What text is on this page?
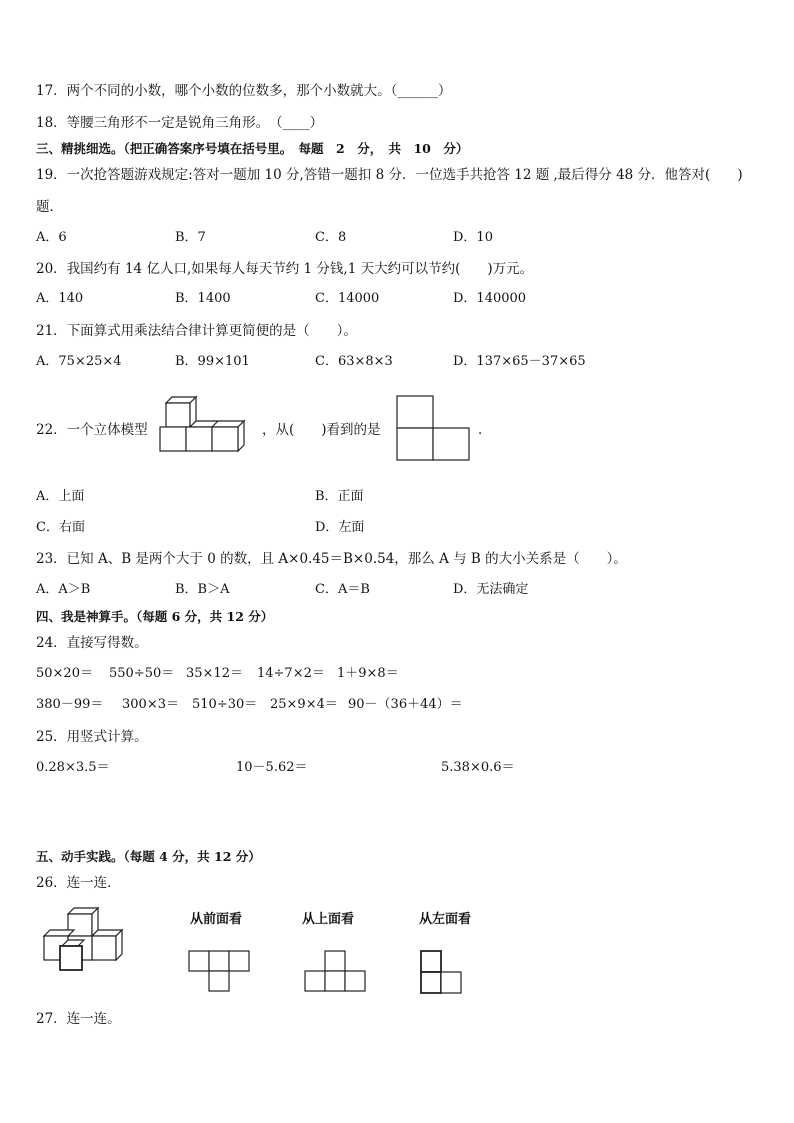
17．两个不同的小数，哪个小数的位数多，那个小数就大。（______）
18．等腰三角形不一定是锐角三角形。　（____）
三、精挑细选。（把正确答案序号填在括号里。　每题　2　分，　共　10　分）
19．一次抢答题游戏规定:答对一题加 10 分,答错一题扣 8 分．一位选手共抢答 12 题 ,最后得分 48 分．他答对(　　)
题．
A．6	B．7	C．8	D．10
20．我国约有 14 亿人口,如果每人每天节约 1 分钱,1 天大约可以节约(　　)万元。
A．140	B．1400	C．14000	D．140000
21．下面算式用乘法结合律计算更简便的是（　　）。
A．75×25×4	B．99×101	C．63×8×3	D．137×65－37×65
22．一个立体模型	，从(　　)看到的是	．
A．上面	B．正面
C．右面	D．左面
23．已知 A、B 是两个大于 0 的数，且 A×0.45＝B×0.54，那么 A 与 B 的大小关系是（　　）。
A．A＞B	B．B＞A	C．A＝B	D．无法确定
四、我是神算手。（每题 6 分，共 12 分）
24．直接写得数。
50×20＝ 550÷50＝ 35×12＝ 14÷7×2＝ 1＋9×8＝
380－99＝ 300×3＝ 510÷30＝ 25×9×4＝ 90－（36＋44）＝
25．用竖式计算。
0.28×3.5＝	10－5.62＝	5.38×0.6＝
五、动手实践。（每题 4 分，共 12 分）
26．连一连．
从前面看	从上面看	从左面看
27．连一连。
